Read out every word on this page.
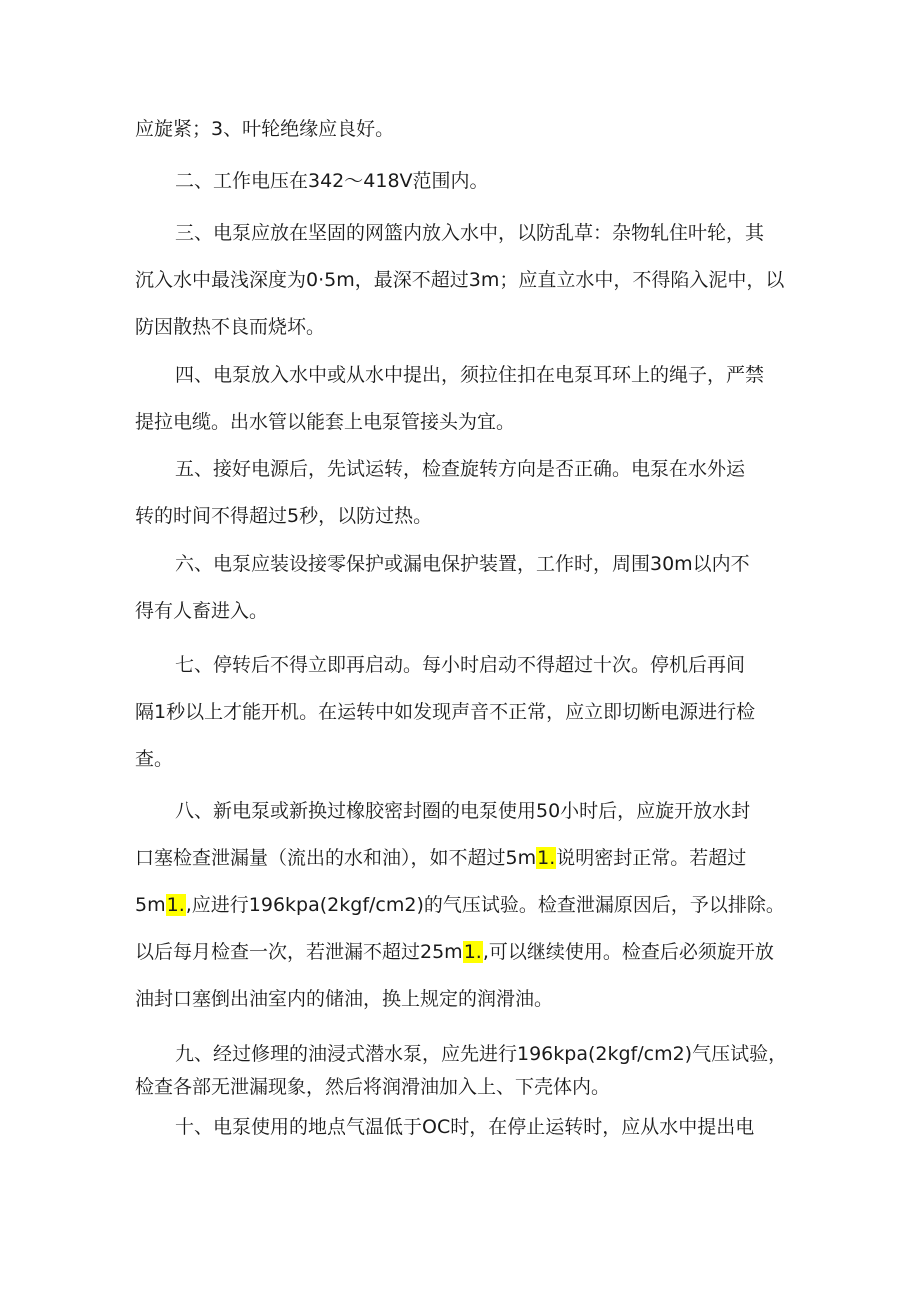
应旋紧；3、叶轮绝缘应良好。
二、工作电压在342～418V范围内。
三、电泵应放在坚固的网篮内放入水中，以防乱草：杂物轧住叶轮，其
沉入水中最浅深度为0·5m，最深不超过3m；应直立水中，不得陷入泥中，以
防因散热不良而烧坏。
四、电泵放入水中或从水中提出，须拉住扣在电泵耳环上的绳子，严禁
提拉电缆。出水管以能套上电泵管接头为宜。
五、接好电源后，先试运转，检查旋转方向是否正确。电泵在水外运
转的时间不得超过5秒，以防过热。
六、电泵应装设接零保护或漏电保护装置，工作时，周围30m以内不
得有人畜进入。
七、停转后不得立即再启动。每小时启动不得超过十次。停机后再间
隔1秒以上才能开机。在运转中如发现声音不正常，应立即切断电源进行检
查。
八、新电泵或新换过橡胶密封圈的电泵使用50小时后，应旋开放水封
口塞检查泄漏量（流出的水和油），如不超过5m1.说明密封正常。若超过
5m1.,应进行196kpa(2kgf∕cm2)的气压试验。检查泄漏原因后，予以排除。
以后每月检查一次，若泄漏不超过25m1.,可以继续使用。检查后必须旋开放
油封口塞倒出油室内的储油，换上规定的润滑油。
九、经过修理的油浸式潜水泵，应先进行196kpa(2kgf∕cm2)气压试验，
检查各部无泄漏现象，然后将润滑油加入上、下壳体内。
十、电泵使用的地点气温低于OC时，在停止运转时，应从水中提出电
